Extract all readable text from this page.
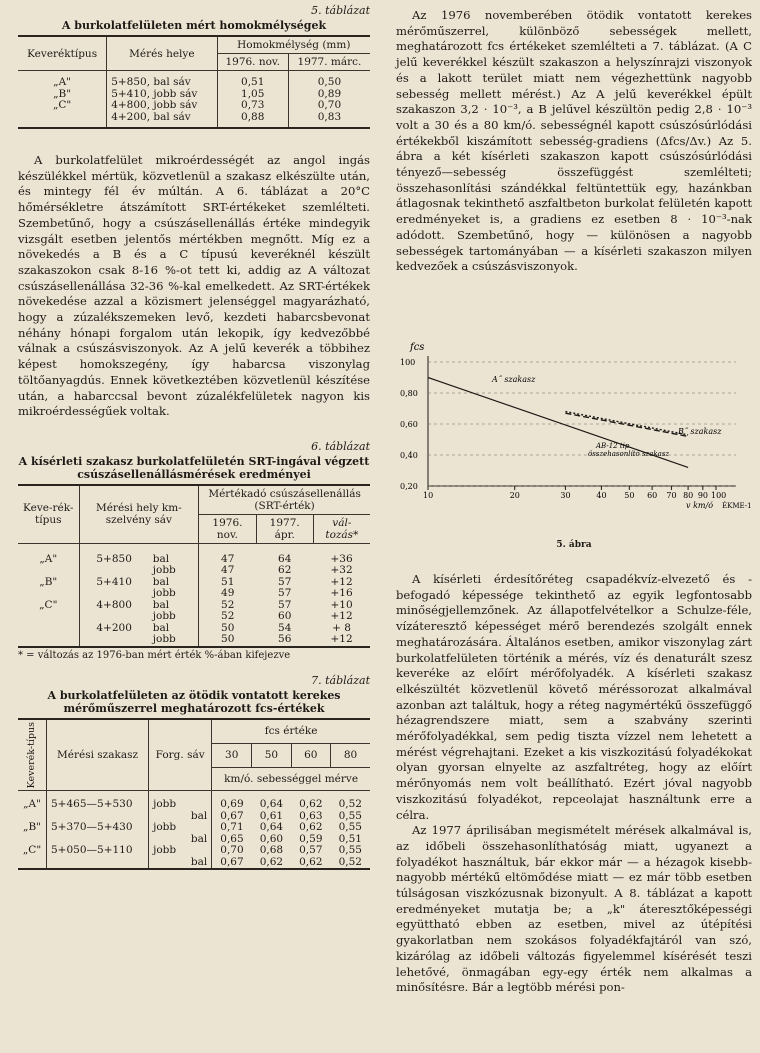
5. táblázat
A burkolatfelületen mért homokmélységek
Keveréktípus	Mérés helye	Homokmélység (mm)	
		1976. nov.	1977. márc.

„A"	5+850, bal sáv	0,51	0,50
„B"	5+410, jobb sáv	1,05	0,89
„C"	4+800, jobb sáv	0,73	0,70
	4+200, bal sáv	0,88	0,83

A burkolatfelület mikroérdességét az angol ingás készülékkel mértük, közvetlenül a szakasz elkészülte után, és mintegy fél év múltán. A 6. táblázat a 20°C hőmérsékletre átszámított SRT-értékeket szemlélteti. Szembetűnő, hogy a csúszásellenállás értéke mindegyik vizsgált esetben jelentős mértékben megnőtt. Míg ez a növekedés a B és a C típusú keveréknél készült szakaszokon csak 8-16 %-ot tett ki, addig az A változat csúszásellenállása 32-36 %-kal emelkedett. Az SRT-értékek növekedése azzal a közismert jelenséggel magyarázható, hogy a zúzalékszemeken levő, kezdeti habarcsbevonat néhány hónapi forgalom után lekopik, így kedvezőbbé válnak a csúszásviszonyok. Az A jelű keverék a többihez képest homokszegény, így habarcsa viszonylag töltőanyagdús. Ennek következtében közvetlenül készítése után, a habarccsal bevont zúzalékfelületek nagyon kis mikroérdességűek voltak.

6. táblázat
A kísérleti szakasz burkolatfelületén SRT-ingával végzett csúszásellenállásmérések eredményei
Keve-rék-típus	Mérési hely km-szelvény sáv		Mértékadó csúszásellenállás (SRT-érték)		
			1976. nov.	1977. ápr.	vál-tozás*

„A"	5+850	bal	47	64	+36
		jobb	47	62	+32
„B"	5+410	bal	51	57	+12
		jobb	49	57	+16
„C"	4+800	bal	52	57	+10
		jobb	52	60	+12
	4+200	bal	50	54	+ 8
		jobb	50	56	+12
* = változás az 1976-ban mért érték %-ában kifejezve
7. táblázat
A burkolatfelületen az ötödik vontatott kerekes mérőműszerrel meghatározott fcs-értékek
Keverék-típus	Mérési szakasz	Forg. sáv	fcs értéke			
			30	50	60	80
			km/ó. sebességgel mérve			

„A"	5+465—5+530	jobb	0,69	0,64	0,62	0,52
		bal	0,67	0,61	0,63	0,55
„B"	5+370—5+430	jobb	0,71	0,64	0,62	0,55
		bal	0,65	0,60	0,59	0,51
„C"	5+050—5+110	jobb	0,70	0,68	0,57	0,55
		bal	0,67	0,62	0,62	0,52

Az 1976 novemberében ötödik vontatott kerekes mérőműszerrel, különböző sebességek mellett, meghatározott fcs értékeket szemlélteti a 7. táblázat. (A C jelű keverékkel készült szakaszon a helyszínrajzi viszonyok és a lakott terület miatt nem végezhettünk nagyobb sebesség mellett mérést.) Az A jelű keverékkel épült szakaszon 3,2 · 10⁻³, a B jelűvel készültön pedig 2,8 · 10⁻³ volt a 30 és a 80 km/ó. sebességnél kapott csúszósúrlódási értékekből kiszámított sebesség-gradiens (Δfcs/Δv.) Az 5. ábra a két kísérleti szakaszon kapott csúszósúrlódási tényező—sebesség összefüggést szemlélteti; összehasonlítási szándékkal feltüntettük egy, hazánkban átlagosnak tekinthető aszfaltbeton burkolat felületén kapott eredményeket is, a gradiens ez esetben 8 · 10⁻³-nak adódott. Szembetűnő, hogy — különösen a nagyobb sebességek tartományában — a kísérleti szakaszon milyen kedvezőek a csúszásviszonyok.

fcs
v km/ó ÉKME-1
100
0,80
0,60
0,40
0,20
10	20	30	40 50 60 70 80 90 100
A˝ szakasz
B˝ szakasz
AB-12 tip.
összehasonlító szakasz
5. ábra

A kísérleti érdesítőréteg csapadékvíz-elvezető és -befogadó képessége tekinthető az egyik legfontosabb minőségjellemzőnek. Az állapotfelvételkor a Schulze-féle, vízáteresztő képességet mérő berendezés szolgált ennek meghatározására. Általános esetben, amikor viszonylag zárt burkolatfelületen történik a mérés, víz és denaturált szesz keveréke az előírt mérőfolyadék. A kísérleti szakasz elkészültét közvetlenül követő méréssorozat alkalmával azonban azt találtuk, hogy a réteg nagymértékű összefüggő hézagrendszere miatt, sem a szabvány szerinti mérőfolyadékkal, sem pedig tiszta vízzel nem lehetett a mérést végrehajtani. Ezeket a kis viszkozitású folyadékokat olyan gyorsan elnyelte az aszfaltréteg, hogy az előírt mérőnyomás nem volt beállítható. Ezért jóval nagyobb viszkozitású folyadékot, repceolajat használtunk erre a célra.

Az 1977 áprilisában megismételt mérések alkalmával is, az időbeli összehasonlíthatóság miatt, ugyanezt a folyadékot használtuk, bár ekkor már — a hézagok kisebb-nagyobb mértékű eltömődése miatt — ez már több esetben túlságosan viszkózusnak bizonyult. A 8. táblázat a kapott eredményeket mutatja be; a „k" áteresztőképességi együttható ebben az esetben, mivel az útépítési gyakorlatban nem szokásos folyadékfajtáról van szó, kizárólag az időbeli változás figyelemmel kísérését teszi lehetővé, önmagában egy-egy érték nem alkalmas a minősítésre. Bár a legtöbb mérési pon-
